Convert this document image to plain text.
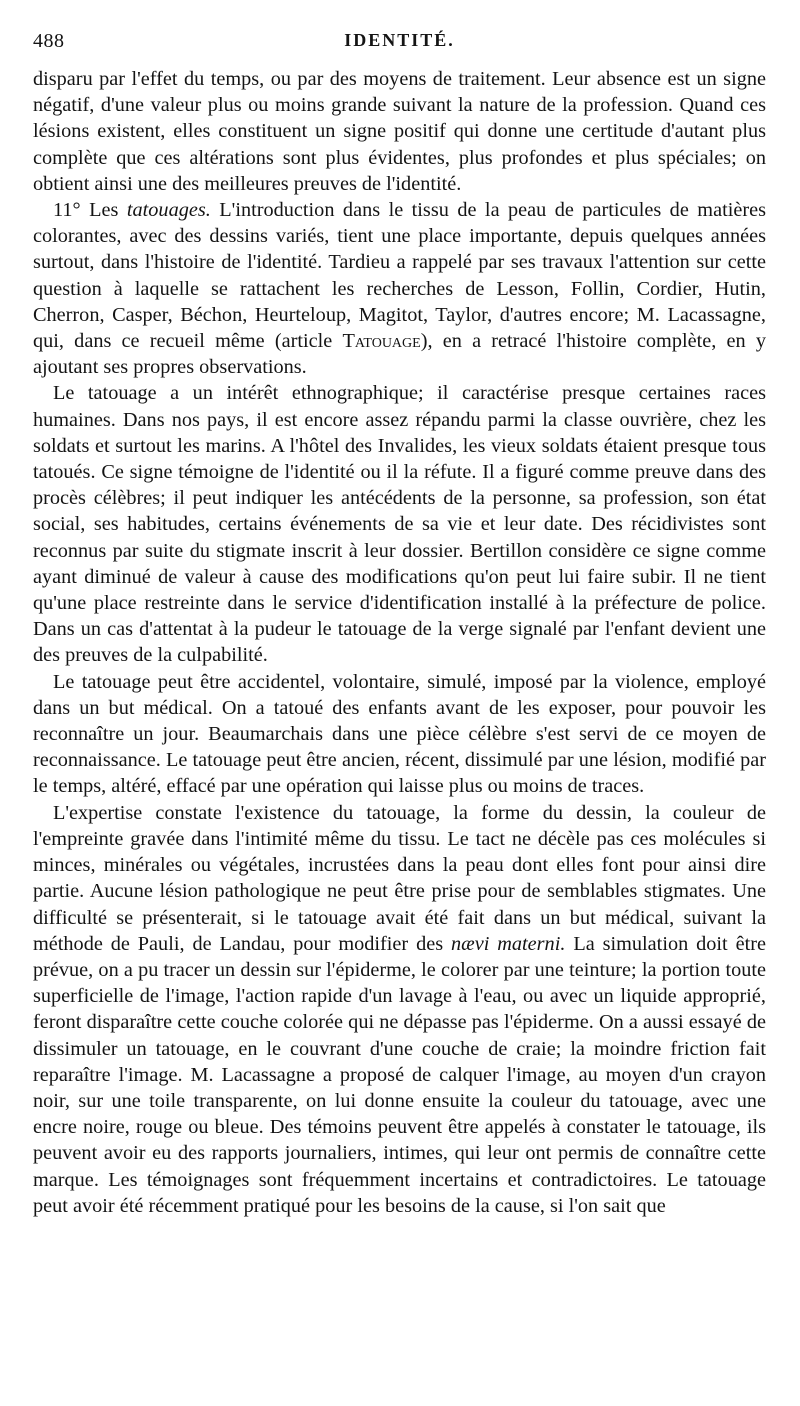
488	IDENTITÉ.

disparu par l'effet du temps, ou par des moyens de traitement. Leur absence est un signe négatif, d'une valeur plus ou moins grande suivant la nature de la profession. Quand ces lésions existent, elles constituent un signe positif qui donne une certitude d'autant plus complète que ces altérations sont plus évidentes, plus profondes et plus spéciales; on obtient ainsi une des meilleures preuves de l'identité.

11° Les tatouages. L'introduction dans le tissu de la peau de particules de matières colorantes, avec des dessins variés, tient une place importante, depuis quelques années surtout, dans l'histoire de l'identité. Tardieu a rappelé par ses travaux l'attention sur cette question à laquelle se rattachent les recherches de Lesson, Follin, Cordier, Hutin, Cherron, Casper, Béchon, Heurteloup, Magitot, Taylor, d'autres encore; M. Lacassagne, qui, dans ce recueil même (article Tatouage), en a retracé l'histoire complète, en y ajoutant ses propres observations.

Le tatouage a un intérêt ethnographique; il caractérise presque certaines races humaines. Dans nos pays, il est encore assez répandu parmi la classe ouvrière, chez les soldats et surtout les marins. A l'hôtel des Invalides, les vieux soldats étaient presque tous tatoués. Ce signe témoigne de l'identité ou il la réfute. Il a figuré comme preuve dans des procès célèbres; il peut indiquer les antécédents de la personne, sa profession, son état social, ses habitudes, certains événements de sa vie et leur date. Des récidivistes sont reconnus par suite du stigmate inscrit à leur dossier. Bertillon considère ce signe comme ayant diminué de valeur à cause des modifications qu'on peut lui faire subir. Il ne tient qu'une place restreinte dans le service d'identification installé à la préfecture de police. Dans un cas d'attentat à la pudeur le tatouage de la verge signalé par l'enfant devient une des preuves de la culpabilité.

Le tatouage peut être accidentel, volontaire, simulé, imposé par la violence, employé dans un but médical. On a tatoué des enfants avant de les exposer, pour pouvoir les reconnaître un jour. Beaumarchais dans une pièce célèbre s'est servi de ce moyen de reconnaissance. Le tatouage peut être ancien, récent, dissimulé par une lésion, modifié par le temps, altéré, effacé par une opération qui laisse plus ou moins de traces.

L'expertise constate l'existence du tatouage, la forme du dessin, la couleur de l'empreinte gravée dans l'intimité même du tissu. Le tact ne décèle pas ces molécules si minces, minérales ou végétales, incrustées dans la peau dont elles font pour ainsi dire partie. Aucune lésion pathologique ne peut être prise pour de semblables stigmates. Une difficulté se présenterait, si le tatouage avait été fait dans un but médical, suivant la méthode de Pauli, de Landau, pour modifier des nævi materni. La simulation doit être prévue, on a pu tracer un dessin sur l'épiderme, le colorer par une teinture; la portion toute superficielle de l'image, l'action rapide d'un lavage à l'eau, ou avec un liquide approprié, feront disparaître cette couche colorée qui ne dépasse pas l'épiderme. On a aussi essayé de dissimuler un tatouage, en le couvrant d'une couche de craie; la moindre friction fait reparaître l'image. M. Lacassagne a proposé de calquer l'image, au moyen d'un crayon noir, sur une toile transparente, on lui donne ensuite la couleur du tatouage, avec une encre noire, rouge ou bleue. Des témoins peuvent être appelés à constater le tatouage, ils peuvent avoir eu des rapports journaliers, intimes, qui leur ont permis de connaître cette marque. Les témoignages sont fréquemment incertains et contradictoires. Le tatouage peut avoir été récemment pratiqué pour les besoins de la cause, si l'on sait que
